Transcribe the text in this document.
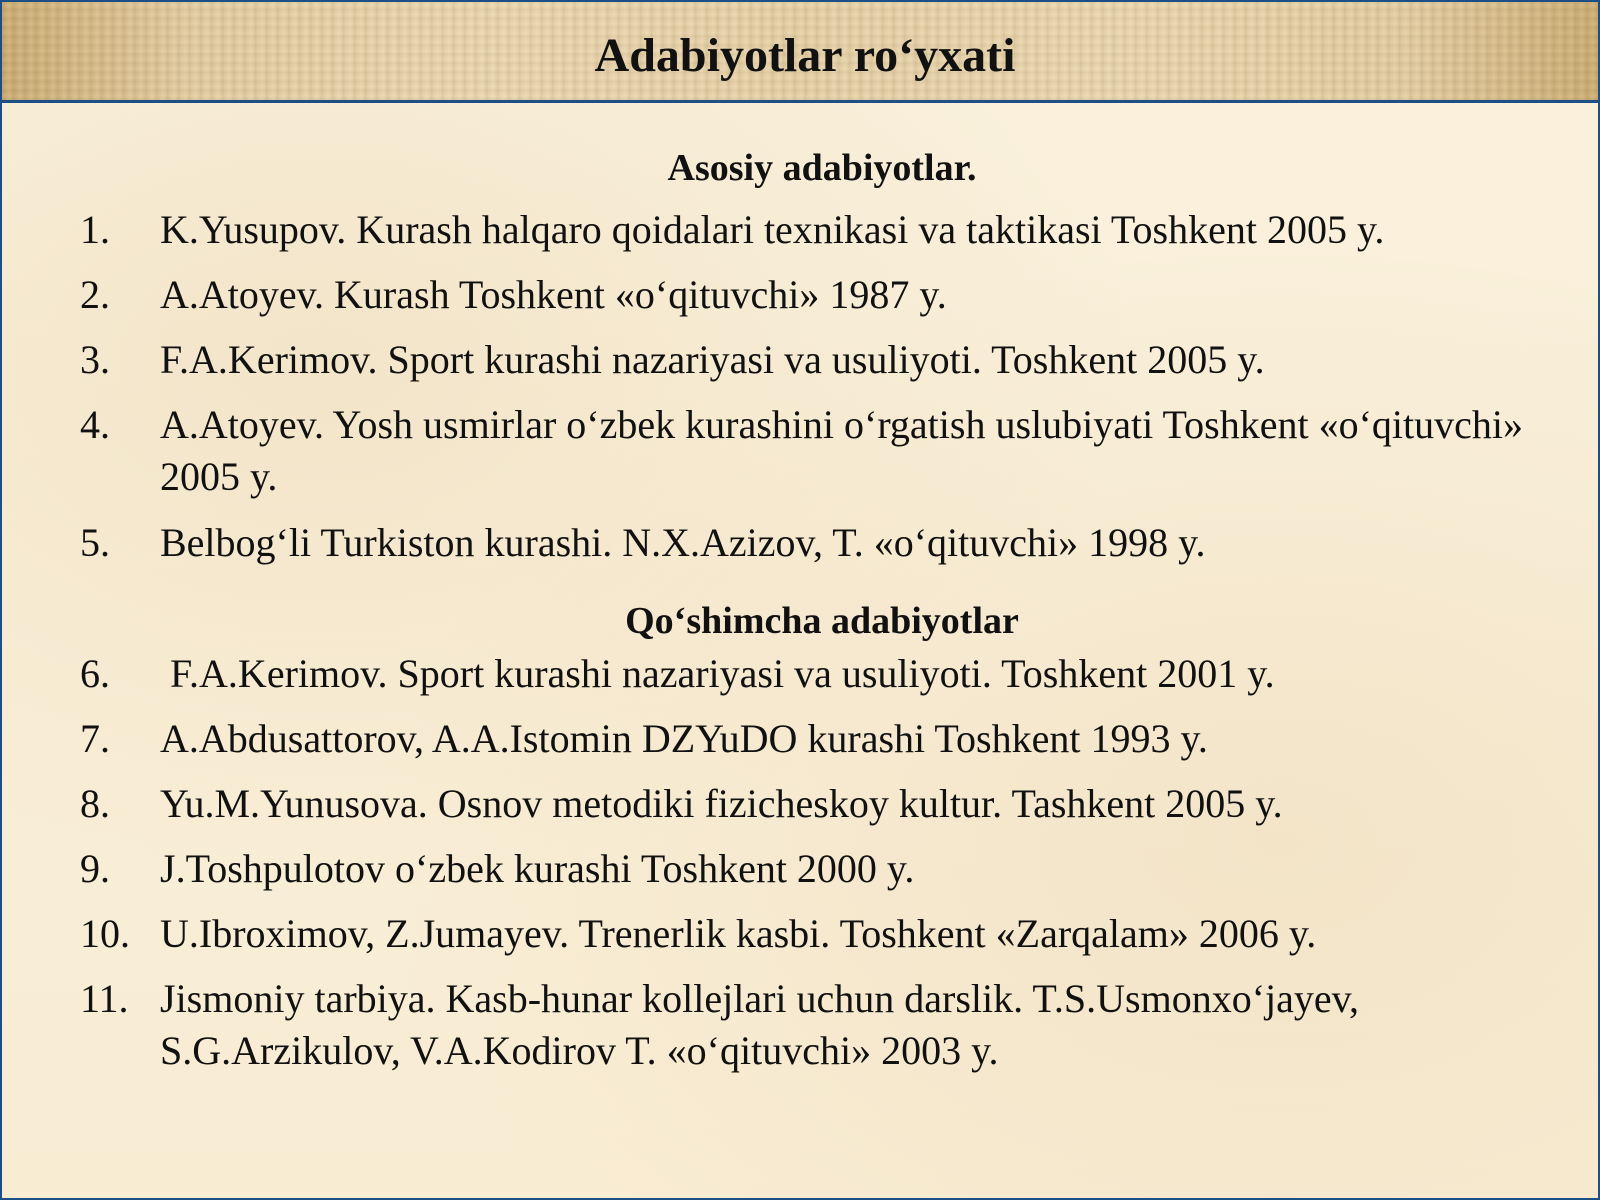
Adabiyotlar ro‘yxati
Asosiy adabiyotlar.
1.	K.Yusupov. Kurash halqaro qoidalari texnikasi va taktikasi Toshkent 2005 y.
2.	A.Atoyev. Kurash Toshkent «o‘qituvchi» 1987 y.
3.	F.A.Kerimov. Sport kurashi nazariyasi va usuliyoti. Toshkent 2005 y.
4.	A.Atoyev. Yosh usmirlar o‘zbek kurashini o‘rgatish uslubiyati Toshkent «o‘qituvchi» 2005 y.
5.	Belbog‘li Turkiston kurashi. N.X.Azizov, T. «o‘qituvchi» 1998 y.
Qo‘shimcha adabiyotlar
6.	F.A.Kerimov. Sport kurashi nazariyasi va usuliyoti. Toshkent 2001 y.
7.	A.Abdusattorov, A.A.Istomin DZYuDO kurashi Toshkent 1993 y.
8.	Yu.M.Yunusova. Osnov metodiki fizicheskoy kultur. Tashkent 2005 y.
9.	J.Toshpulotov o‘zbek kurashi Toshkent 2000 y.
10. U.Ibroximov, Z.Jumayev. Trenerlik kasbi. Toshkent «Zarqalam» 2006 y.
11. Jismoniy tarbiya. Kasb-hunar kollejlari uchun darslik. T.S.Usmonxo‘jayev, S.G.Arzikulov, V.A.Kodirov T. «o‘qituvchi» 2003 y.
